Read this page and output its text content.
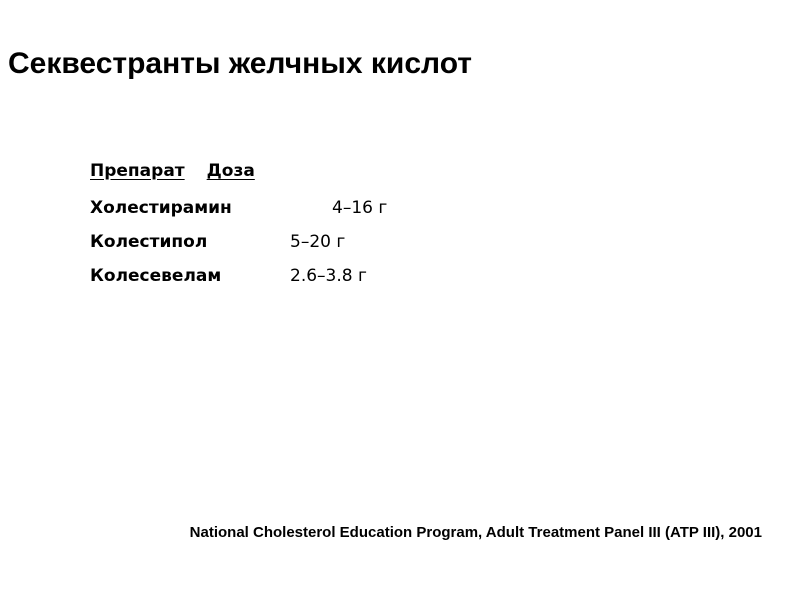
Секвестранты желчных кислот
Препарат Доза
Холестирамин	4–16 г
Колестипол	5–20 г
Колесевелам	2.6–3.8 г
National Cholesterol Education Program, Adult Treatment Panel III (ATP III), 2001
